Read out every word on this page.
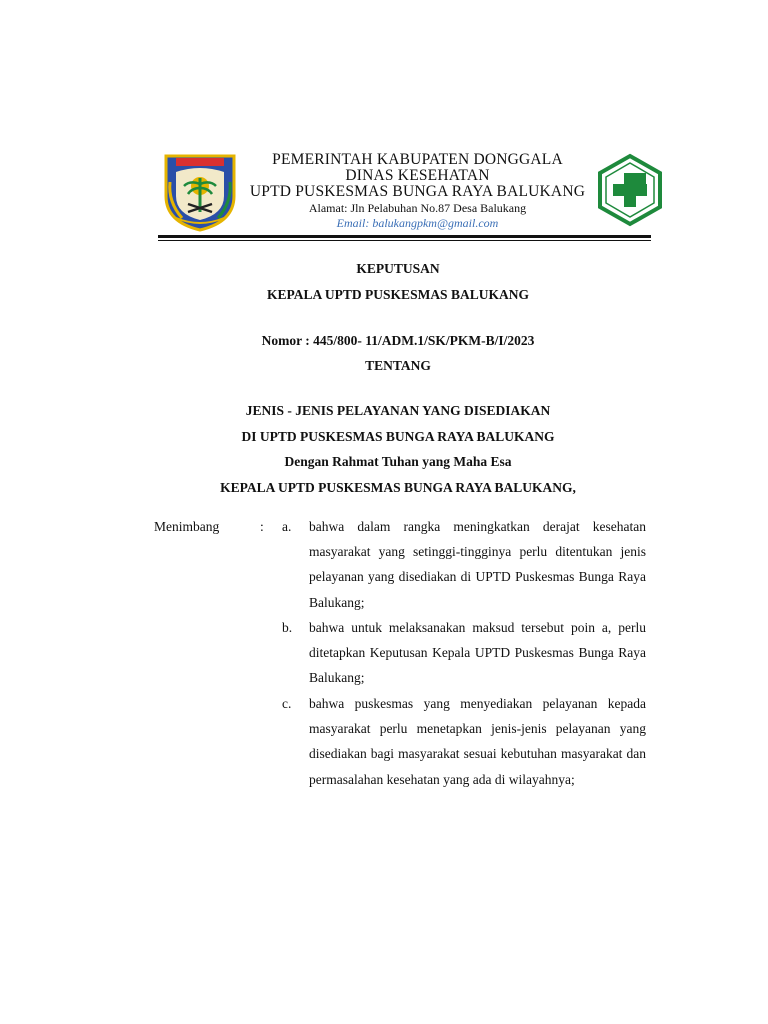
PEMERINTAH KABUPATEN DONGGALA
DINAS KESEHATAN
UPTD PUSKESMAS BUNGA RAYA BALUKANG
Alamat: Jln Pelabuhan No.87 Desa Balukang
Email: balukangpkm@gmail.com
KEPUTUSAN
KEPALA UPTD PUSKESMAS BALUKANG
Nomor : 445/800- 11/ADM.1/SK/PKM-B/I/2023
TENTANG
JENIS - JENIS PELAYANAN YANG DISEDIAKAN
DI UPTD PUSKESMAS BUNGA RAYA BALUKANG
Dengan Rahmat Tuhan yang Maha Esa
KEPALA UPTD PUSKESMAS BUNGA RAYA BALUKANG,
Menimbang	: a. bahwa dalam rangka meningkatkan derajat kesehatan masyarakat yang setinggi-tingginya perlu ditentukan jenis pelayanan yang disediakan di UPTD Puskesmas Bunga Raya Balukang;
b. bahwa untuk melaksanakan maksud tersebut poin a, perlu ditetapkan Keputusan Kepala UPTD Puskesmas Bunga Raya Balukang;
c. bahwa puskesmas yang menyediakan pelayanan kepada masyarakat perlu menetapkan jenis-jenis pelayanan yang disediakan bagi masyarakat sesuai kebutuhan masyarakat dan permasalahan kesehatan yang ada di wilayahnya;
